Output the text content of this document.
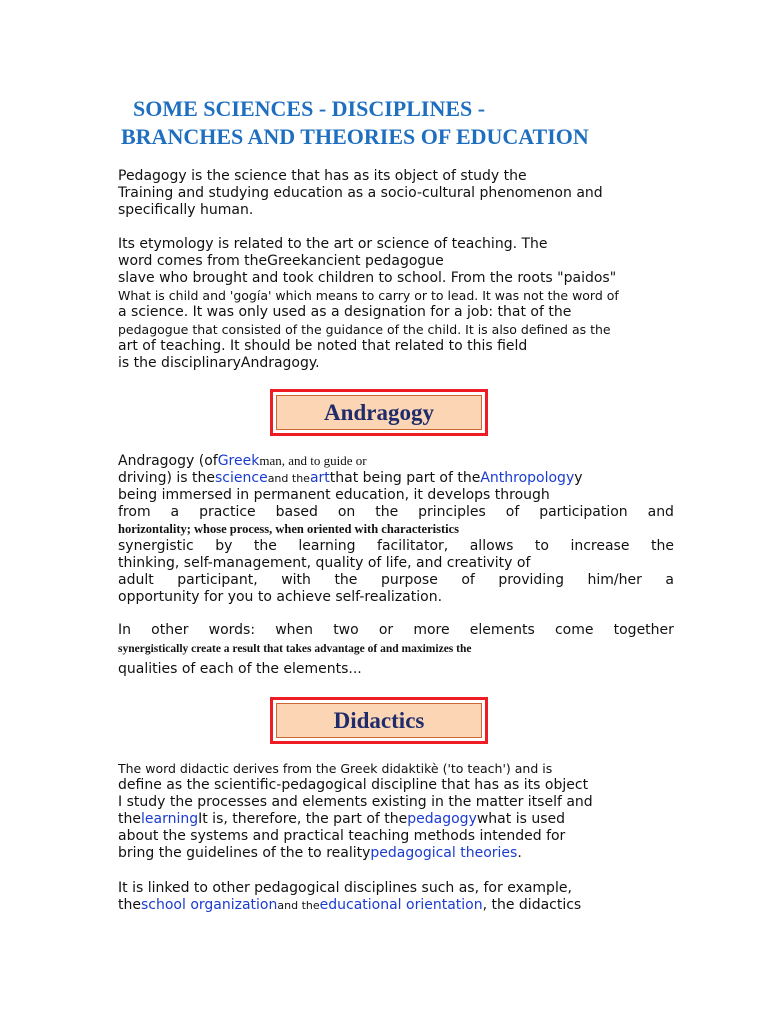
SOME SCIENCES - DISCIPLINES -
BRANCHES AND THEORIES OF EDUCATION
Pedagogy is the science that has as its object of study the
Training and studying education as a socio-cultural phenomenon and
specifically human.
Its etymology is related to the art or science of teaching. The
word comes from theGreekancient pedagogue
slave who brought and took children to school. From the roots "paidos"
What is child and 'gogía' which means to carry or to lead. It was not the word of
a science. It was only used as a designation for a job: that of the
pedagogue that consisted of the guidance of the child. It is also defined as the
art of teaching. It should be noted that related to this field
is the disciplinaryAndragogy.
Andragogy
Andragogy (ofGreekman, and to guide or
driving) is thescienceand theartthat being part of theAnthropologyy
being immersed in permanent education, it develops through
from a practice based on the principles of participation and
horizontality; whose process, when oriented with characteristics
synergistic by the learning facilitator, allows to increase the
thinking, self-management, quality of life, and creativity of
adult participant, with the purpose of providing him/her a
opportunity for you to achieve self-realization.
In other words: when two or more elements come together
synergistically create a result that takes advantage of and maximizes the
qualities of each of the elements...
Didactics
The word didactic derives from the Greek didaktikè ('to teach') and is
define as the scientific-pedagogical discipline that has as its object
I study the processes and elements existing in the matter itself and
thelearningIt is, therefore, the part of thepedagogywhat is used
about the systems and practical teaching methods intended for
bring the guidelines of the to realitypedagogical theories.
It is linked to other pedagogical disciplines such as, for example,
theschool organizationand theeducational orientation, the didactics
